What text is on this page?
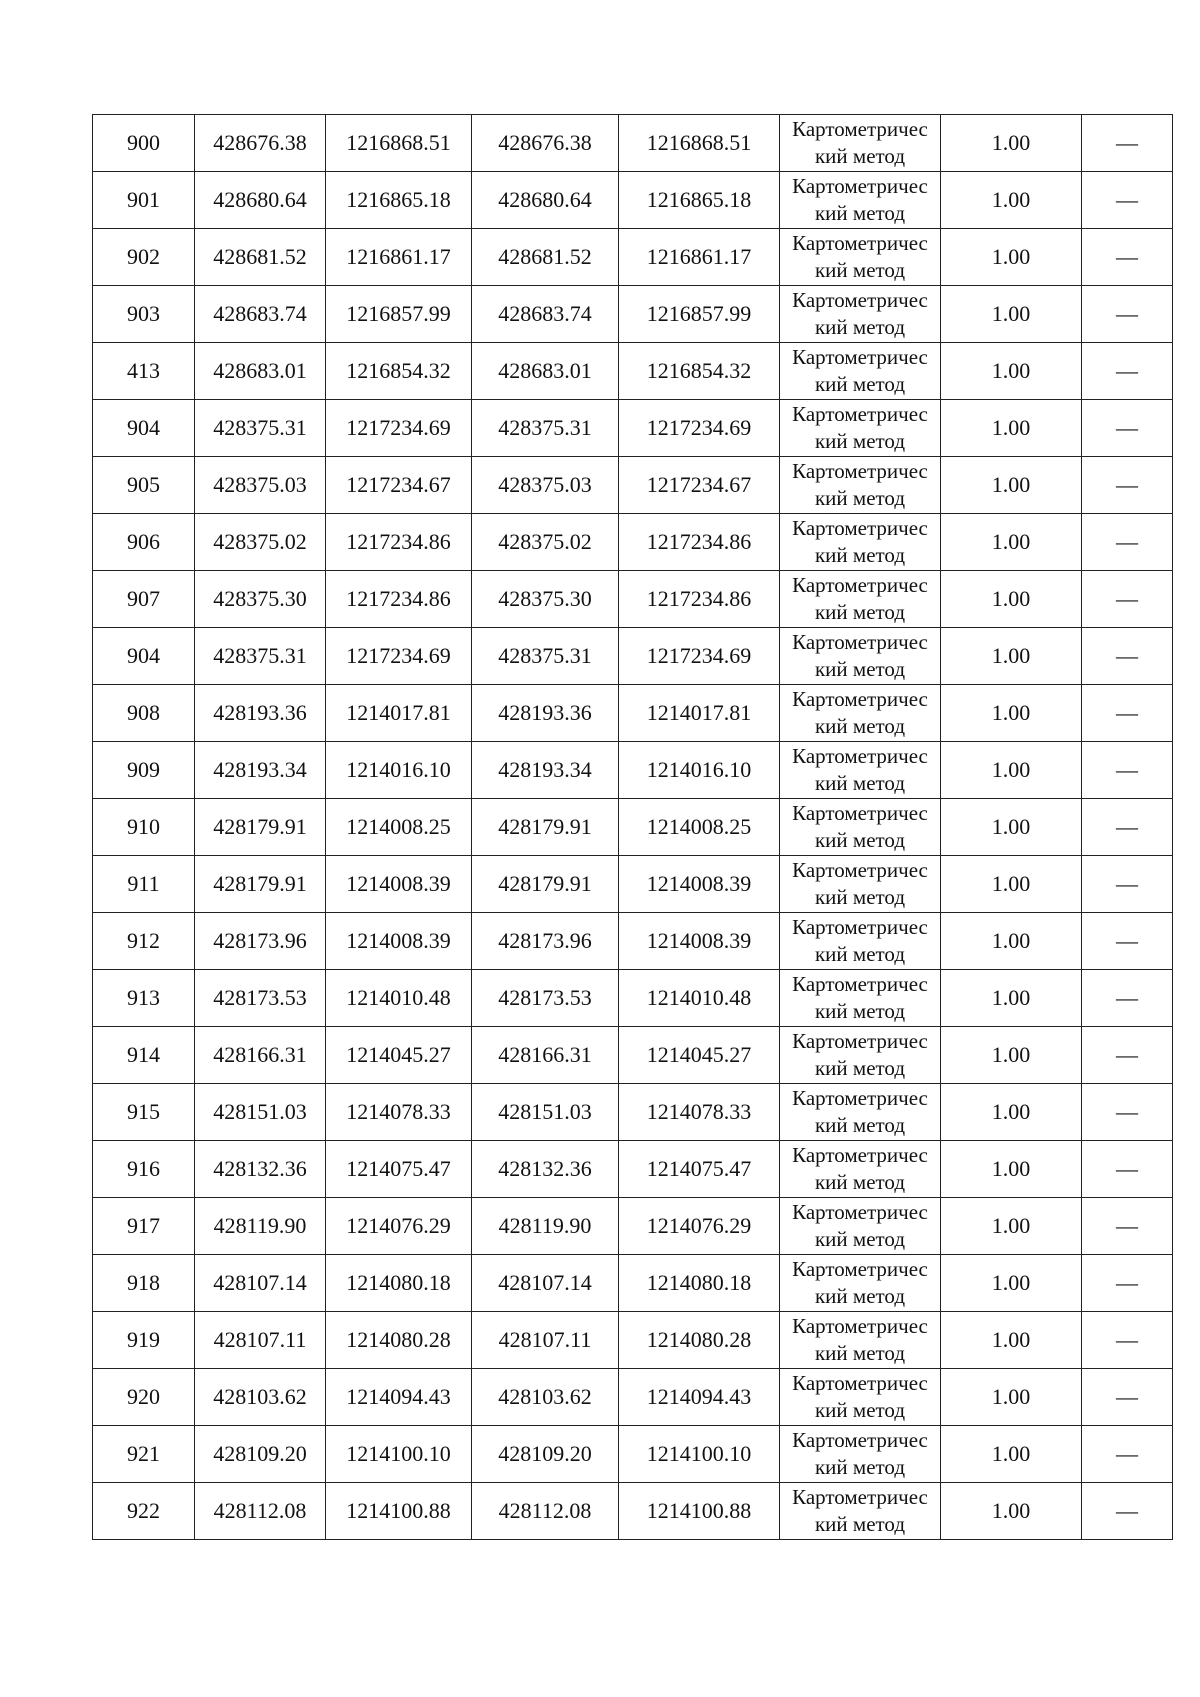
900	428676.38	1216868.51	428676.38	1216868.51	Картометрический метод	1.00	—
901	428680.64	1216865.18	428680.64	1216865.18	Картометрический метод	1.00	—
902	428681.52	1216861.17	428681.52	1216861.17	Картометрический метод	1.00	—
903	428683.74	1216857.99	428683.74	1216857.99	Картометрический метод	1.00	—
413	428683.01	1216854.32	428683.01	1216854.32	Картометрический метод	1.00	—
904	428375.31	1217234.69	428375.31	1217234.69	Картометрический метод	1.00	—
905	428375.03	1217234.67	428375.03	1217234.67	Картометрический метод	1.00	—
906	428375.02	1217234.86	428375.02	1217234.86	Картометрический метод	1.00	—
907	428375.30	1217234.86	428375.30	1217234.86	Картометрический метод	1.00	—
904	428375.31	1217234.69	428375.31	1217234.69	Картометрический метод	1.00	—
908	428193.36	1214017.81	428193.36	1214017.81	Картометрический метод	1.00	—
909	428193.34	1214016.10	428193.34	1214016.10	Картометрический метод	1.00	—
910	428179.91	1214008.25	428179.91	1214008.25	Картометрический метод	1.00	—
911	428179.91	1214008.39	428179.91	1214008.39	Картометрический метод	1.00	—
912	428173.96	1214008.39	428173.96	1214008.39	Картометрический метод	1.00	—
913	428173.53	1214010.48	428173.53	1214010.48	Картометрический метод	1.00	—
914	428166.31	1214045.27	428166.31	1214045.27	Картометрический метод	1.00	—
915	428151.03	1214078.33	428151.03	1214078.33	Картометрический метод	1.00	—
916	428132.36	1214075.47	428132.36	1214075.47	Картометрический метод	1.00	—
917	428119.90	1214076.29	428119.90	1214076.29	Картометрический метод	1.00	—
918	428107.14	1214080.18	428107.14	1214080.18	Картометрический метод	1.00	—
919	428107.11	1214080.28	428107.11	1214080.28	Картометрический метод	1.00	—
920	428103.62	1214094.43	428103.62	1214094.43	Картометрический метод	1.00	—
921	428109.20	1214100.10	428109.20	1214100.10	Картометрический метод	1.00	—
922	428112.08	1214100.88	428112.08	1214100.88	Картометрический метод	1.00	—
